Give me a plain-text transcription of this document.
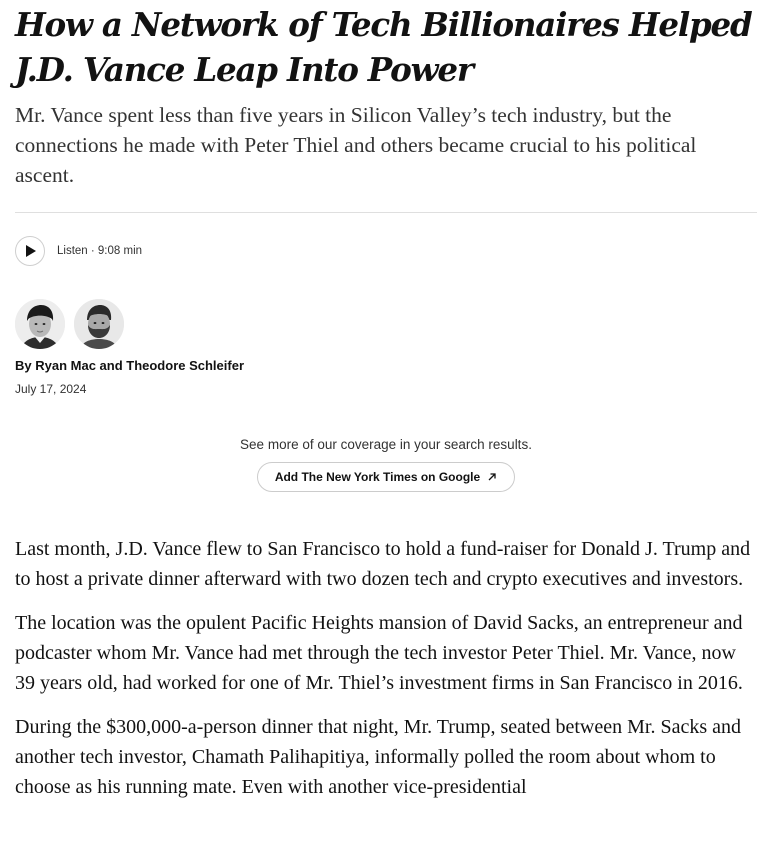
How a Network of Tech Billionaires Helped J.D. Vance Leap Into Power

Mr. Vance spent less than five years in Silicon Valley’s tech industry, but the connections he made with Peter Thiel and others became crucial to his political ascent.

Listen · 9:08 min
By Ryan Mac and Theodore Schleifer
July 17, 2024
See more of our coverage in your search results.
Add The New York Times on Google

Last month, J.D. Vance flew to San Francisco to hold a fund-raiser for Donald J. Trump and to host a private dinner afterward with two dozen tech and crypto executives and investors.

The location was the opulent Pacific Heights mansion of David Sacks, an entrepreneur and podcaster whom Mr. Vance had met through the tech investor Peter Thiel. Mr. Vance, now 39 years old, had worked for one of Mr. Thiel’s investment firms in San Francisco in 2016.

During the $300,000-a-person dinner that night, Mr. Trump, seated between Mr. Sacks and another tech investor, Chamath Palihapitiya, informally polled the room about whom to choose as his running mate. Even with another vice-presidential
